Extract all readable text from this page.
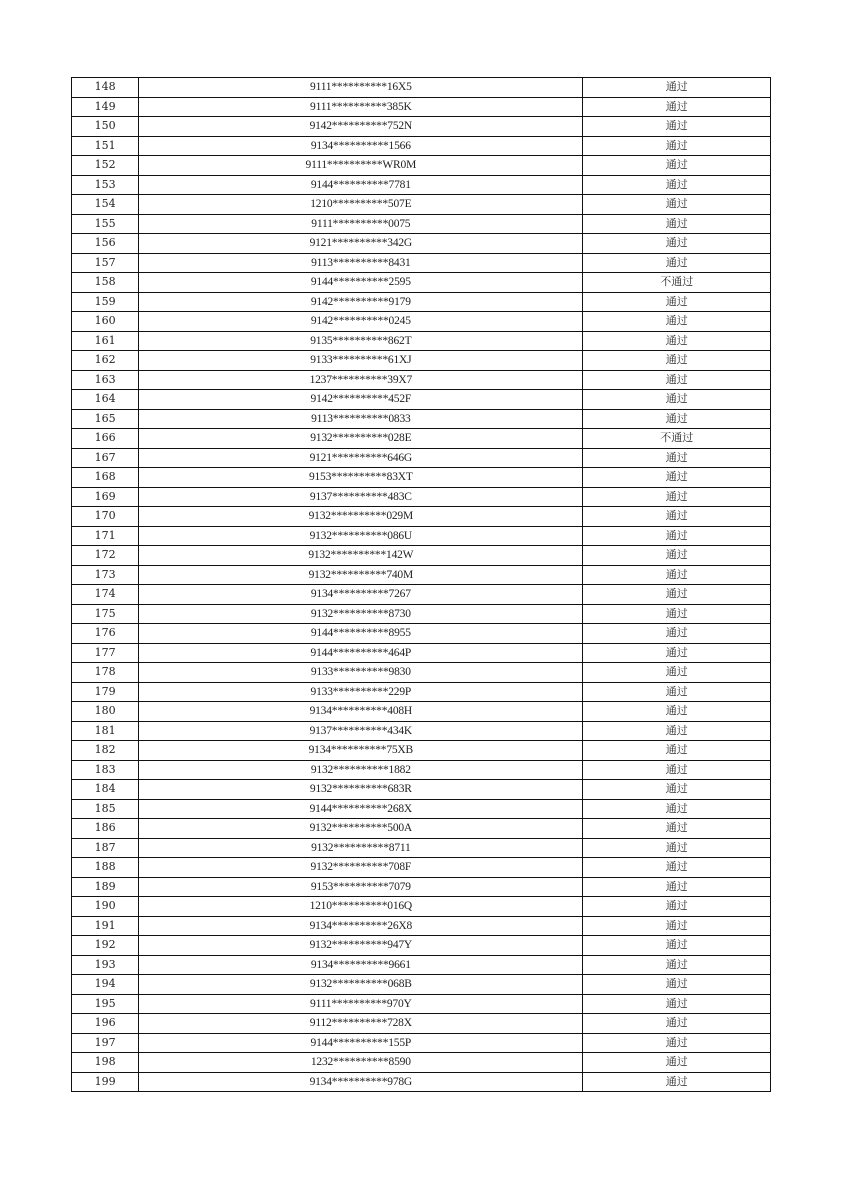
148	9111**********16X5	通过
149	9111**********385K	通过
150	9142**********752N	通过
151	9134**********1566	通过
152	9111**********WR0M	通过
153	9144**********7781	通过
154	1210**********507E	通过
155	9111**********0075	通过
156	9121**********342G	通过
157	9113**********8431	通过
158	9144**********2595	不通过
159	9142**********9179	通过
160	9142**********0245	通过
161	9135**********862T	通过
162	9133**********61XJ	通过
163	1237**********39X7	通过
164	9142**********452F	通过
165	9113**********0833	通过
166	9132**********028E	不通过
167	9121**********646G	通过
168	9153**********83XT	通过
169	9137**********483C	通过
170	9132**********029M	通过
171	9132**********086U	通过
172	9132**********142W	通过
173	9132**********740M	通过
174	9134**********7267	通过
175	9132**********8730	通过
176	9144**********8955	通过
177	9144**********464P	通过
178	9133**********9830	通过
179	9133**********229P	通过
180	9134**********408H	通过
181	9137**********434K	通过
182	9134**********75XB	通过
183	9132**********1882	通过
184	9132**********683R	通过
185	9144**********268X	通过
186	9132**********500A	通过
187	9132**********8711	通过
188	9132**********708F	通过
189	9153**********7079	通过
190	1210**********016Q	通过
191	9134**********26X8	通过
192	9132**********947Y	通过
193	9134**********9661	通过
194	9132**********068B	通过
195	9111**********970Y	通过
196	9112**********728X	通过
197	9144**********155P	通过
198	1232**********8590	通过
199	9134**********978G	通过
